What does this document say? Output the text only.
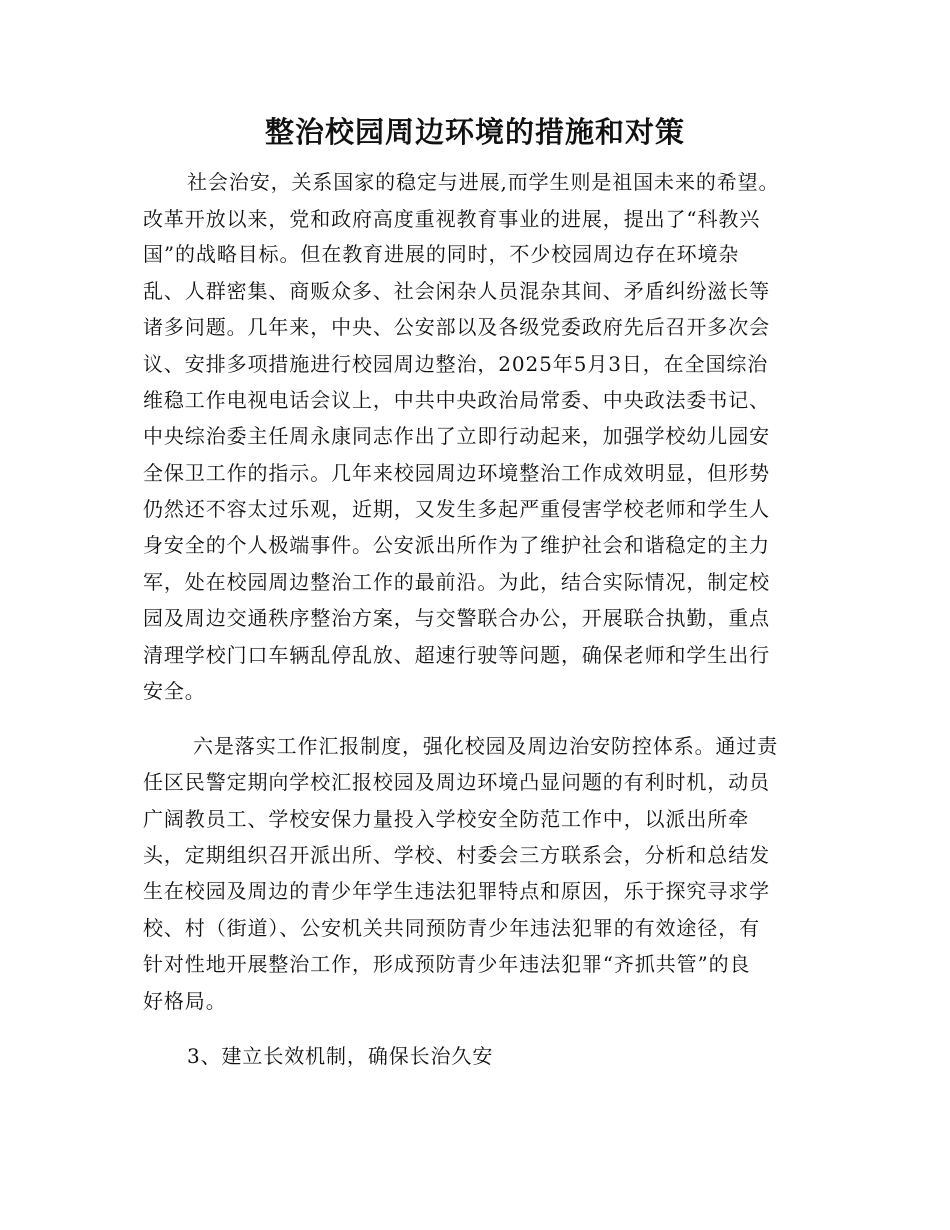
整治校园周边环境的措施和对策

社会治安，关系国家的稳定与进展,而学生则是祖国未来的希望。

改革开放以来，党和政府高度重视教育事业的进展，提出了“科教兴

国”的战略目标。但在教育进展的同时，不少校园周边存在环境杂

乱、人群密集、商贩众多、社会闲杂人员混杂其间、矛盾纠纷滋长等

诸多问题。几年来，中央、公安部以及各级党委政府先后召开多次会

议、安排多项措施进行校园周边整治，2025年5月3日，在全国综治

维稳工作电视电话会议上，中共中央政治局常委、中央政法委书记、

中央综治委主任周永康同志作出了立即行动起来，加强学校幼儿园安

全保卫工作的指示。几年来校园周边环境整治工作成效明显，但形势

仍然还不容太过乐观，近期，又发生多起严重侵害学校老师和学生人

身安全的个人极端事件。公安派出所作为了维护社会和谐稳定的主力

军，处在校园周边整治工作的最前沿。为此，结合实际情况，制定校

园及周边交通秩序整治方案，与交警联合办公，开展联合执勤，重点

清理学校门口车辆乱停乱放、超速行驶等问题，确保老师和学生出行

安全。

六是落实工作汇报制度，强化校园及周边治安防控体系。通过责

任区民警定期向学校汇报校园及周边环境凸显问题的有利时机，动员

广阔教员工、学校安保力量投入学校安全防范工作中，以派出所牵

头，定期组织召开派出所、学校、村委会三方联系会，分析和总结发

生在校园及周边的青少年学生违法犯罪特点和原因，乐于探究寻求学

校、村（街道）、公安机关共同预防青少年违法犯罪的有效途径，有

针对性地开展整治工作，形成预防青少年违法犯罪“齐抓共管”的良

好格局。

3、建立长效机制，确保长治久安
